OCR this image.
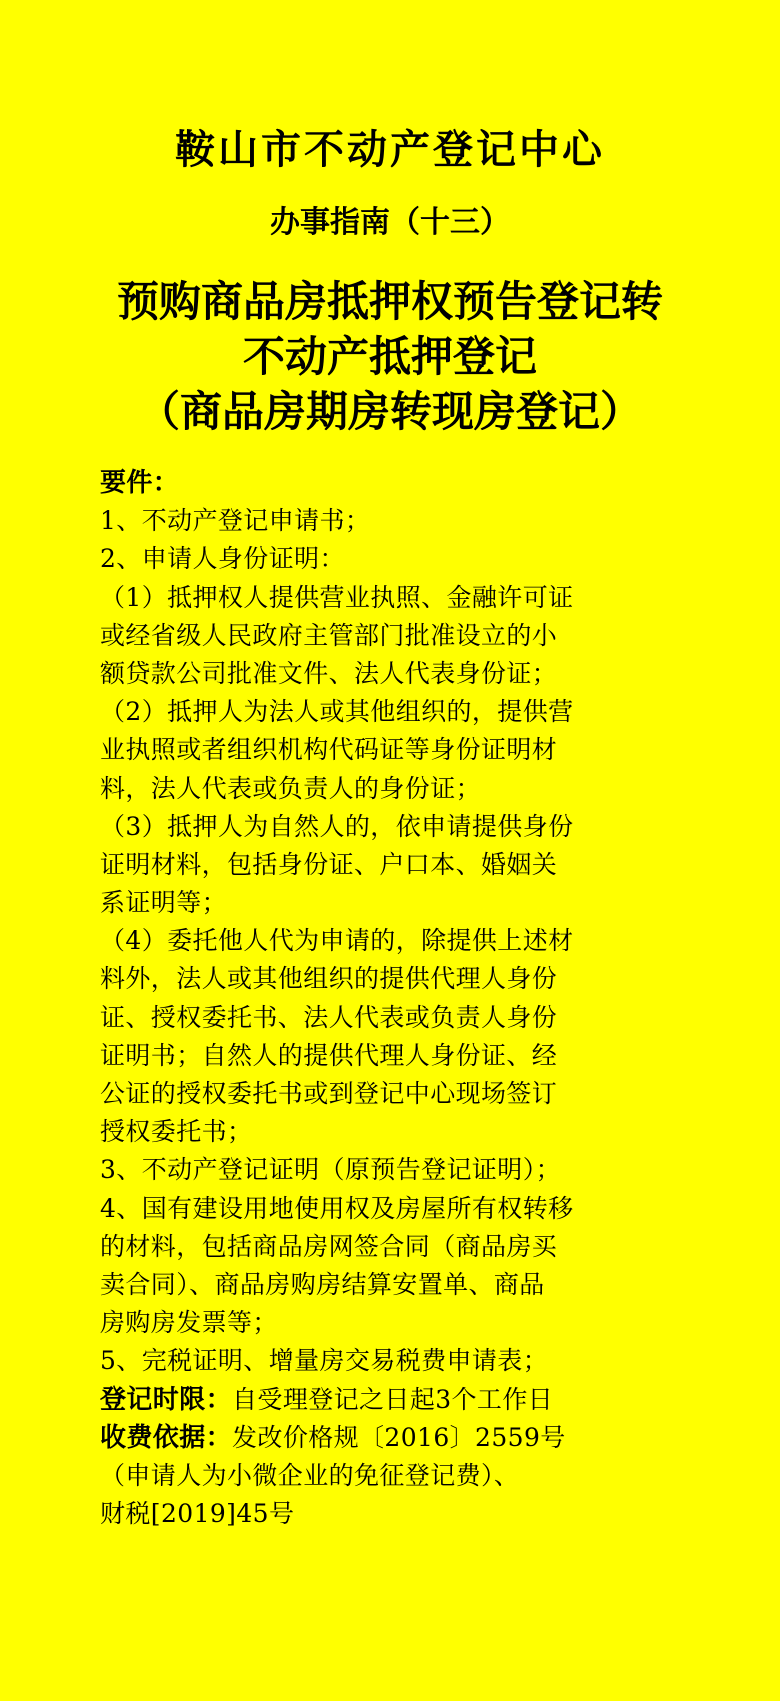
鞍山市不动产登记中心
办事指南（十三）
预购商品房抵押权预告登记转
不动产抵押登记
（商品房期房转现房登记）
要件：
1、不动产登记申请书；
2、申请人身份证明：
（1）抵押权人提供营业执照、金融许可证
或经省级人民政府主管部门批准设立的小
额贷款公司批准文件、法人代表身份证；
（2）抵押人为法人或其他组织的，提供营
业执照或者组织机构代码证等身份证明材
料，法人代表或负责人的身份证；
（3）抵押人为自然人的，依申请提供身份
证明材料，包括身份证、户口本、婚姻关
系证明等；
（4）委托他人代为申请的，除提供上述材
料外，法人或其他组织的提供代理人身份
证、授权委托书、法人代表或负责人身份
证明书；自然人的提供代理人身份证、经
公证的授权委托书或到登记中心现场签订
授权委托书；
3、不动产登记证明（原预告登记证明）；
4、国有建设用地使用权及房屋所有权转移
的材料，包括商品房网签合同（商品房买
卖合同）、商品房购房结算安置单、商品
房购房发票等；
5、完税证明、增量房交易税费申请表；
登记时限：自受理登记之日起3个工作日
收费依据：发改价格规〔2016〕2559号
（申请人为小微企业的免征登记费）、
财税[2019]45号
